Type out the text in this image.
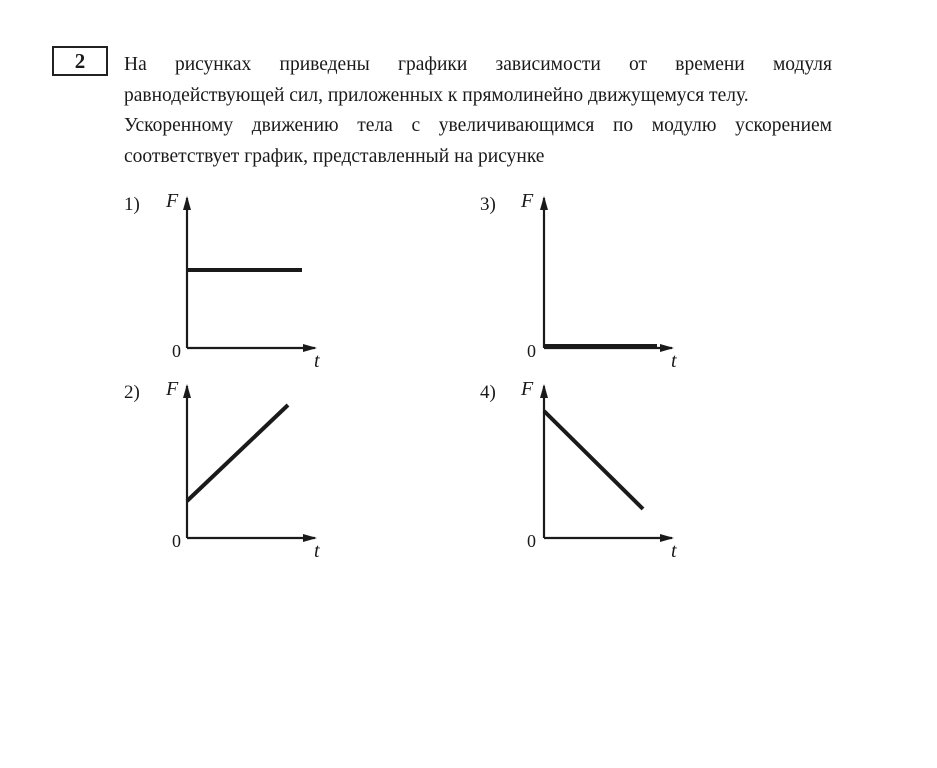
2	На рисунках приведены графики зависимости от времени модуля
равнодействующей сил, приложенных к прямолинейно движущемуся телу.
Ускоренному движению тела с увеличивающимся по модулю ускорением
соответствует график, представленный на рисунке
1) F
t
0
3) F
t
0
2) F
t
0
4) F
t
0
